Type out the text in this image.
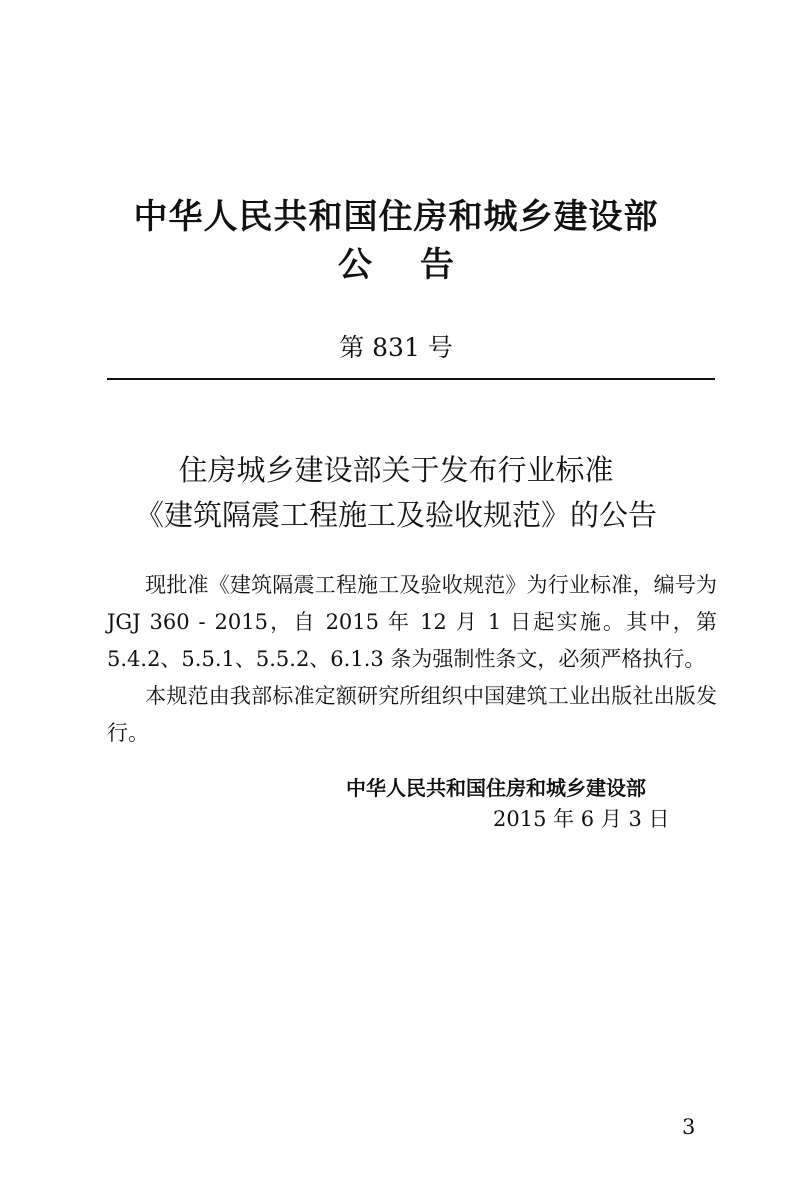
中华人民共和国住房和城乡建设部
公告
第 831 号
住房城乡建设部关于发布行业标准
《建筑隔震工程施工及验收规范》的公告
现批准《建筑隔震工程施工及验收规范》为行业标准，编号为 JGJ 360 - 2015，自 2015 年 12 月 1 日起实施。其中，第 5.4.2、5.5.1、5.5.2、6.1.3 条为强制性条文，必须严格执行。
本规范由我部标准定额研究所组织中国建筑工业出版社出版发行。
中华人民共和国住房和城乡建设部
2015 年 6 月 3 日
3
